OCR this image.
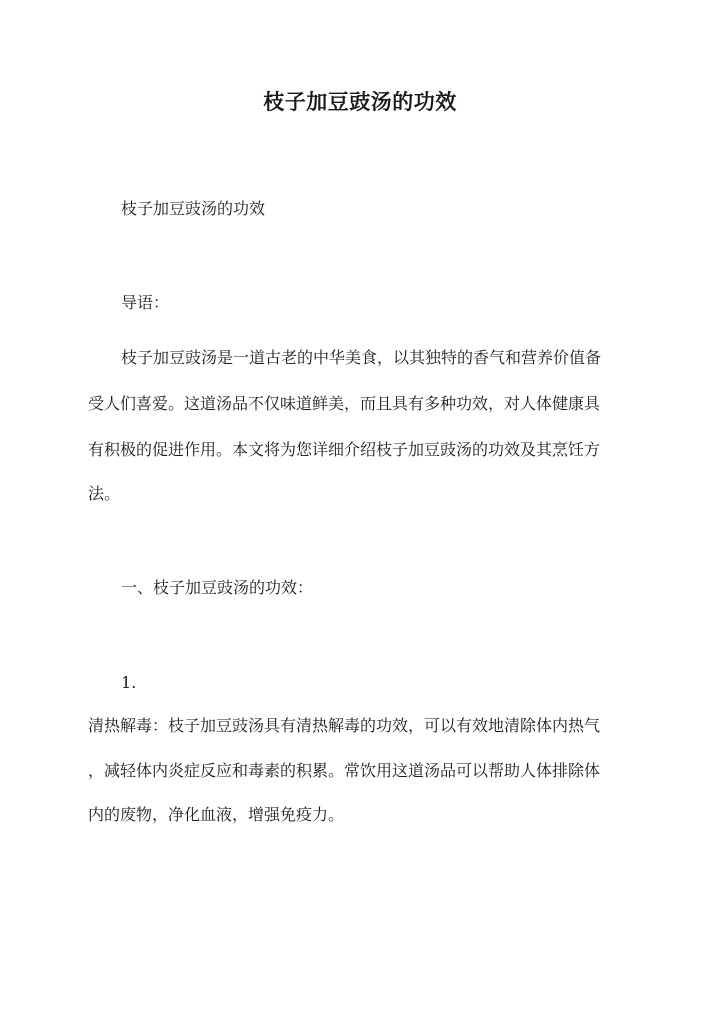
枝子加豆豉汤的功效
枝子加豆豉汤的功效
导语：
枝子加豆豉汤是一道古老的中华美食，以其独特的香气和营养价值备
受人们喜爱。这道汤品不仅味道鲜美，而且具有多种功效，对人体健康具
有积极的促进作用。本文将为您详细介绍枝子加豆豉汤的功效及其烹饪方
法。
一、枝子加豆豉汤的功效：
1.
清热解毒：枝子加豆豉汤具有清热解毒的功效，可以有效地清除体内热气
，减轻体内炎症反应和毒素的积累。常饮用这道汤品可以帮助人体排除体
内的废物，净化血液，增强免疫力。
